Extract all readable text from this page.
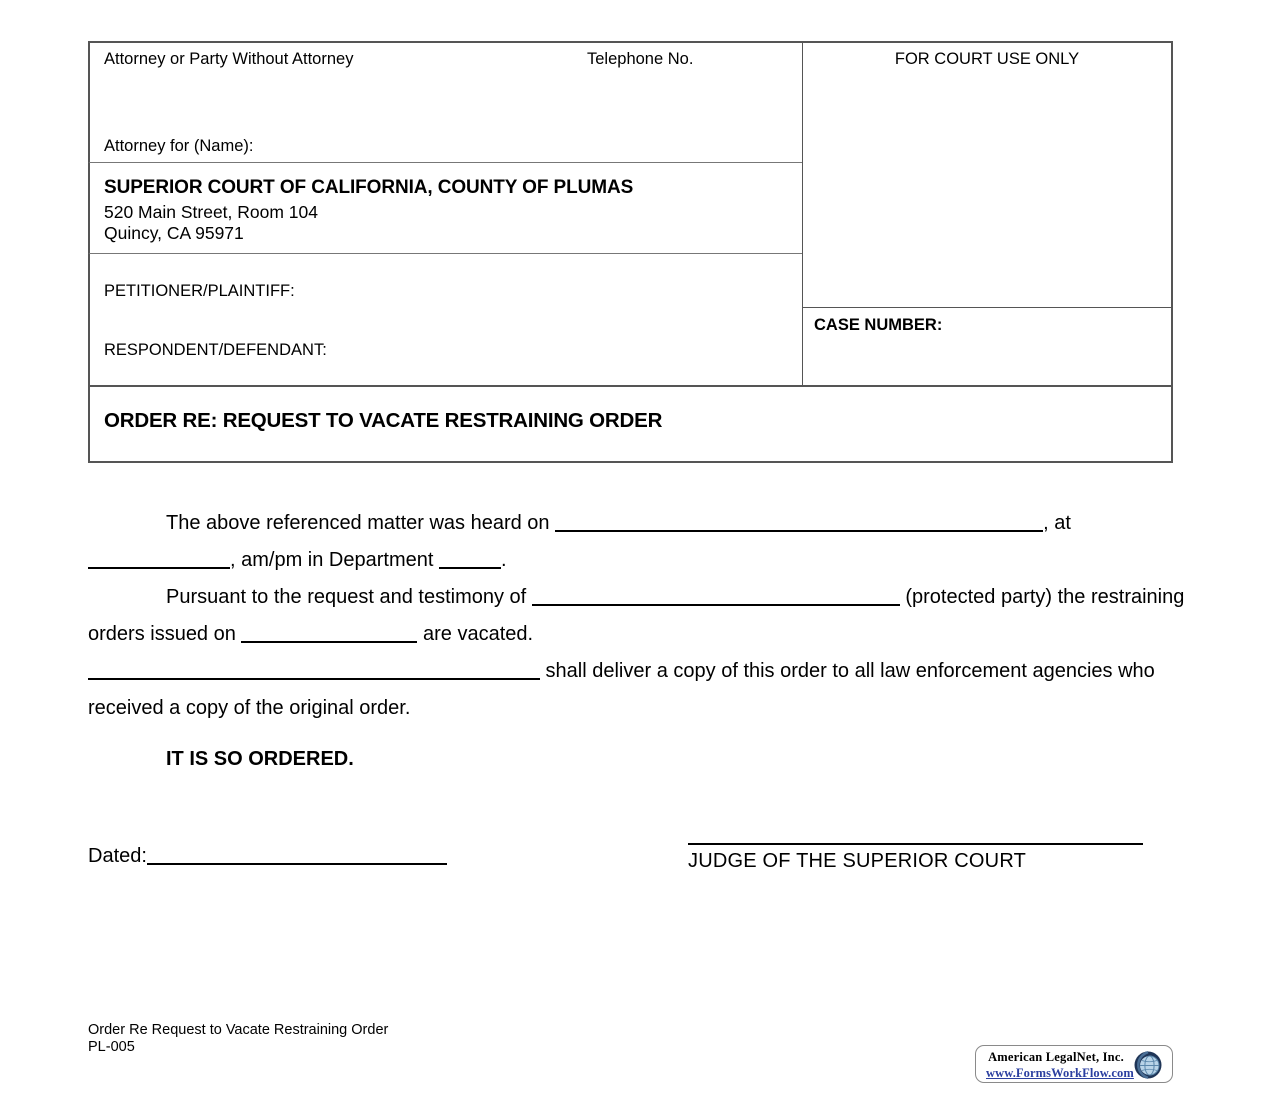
Attorney or Party Without Attorney	Telephone No.
Attorney for (Name):
SUPERIOR COURT OF CALIFORNIA, COUNTY OF PLUMAS
520 Main Street, Room 104
Quincy, CA 95971
PETITIONER/PLAINTIFF:
RESPONDENT/DEFENDANT:
FOR COURT USE ONLY
CASE NUMBER:
ORDER RE: REQUEST TO VACATE RESTRAINING ORDER

The above referenced matter was heard on	, at , am/pm in Department	.

Pursuant to the request and testimony of	(protected party) the restraining orders issued on	are vacated.

shall deliver a copy of this order to all law enforcement agencies who received a copy of the original order.

IT IS SO ORDERED.
Dated:	JUDGE OF THE SUPERIOR COURT
Order Re Request to Vacate Restraining Order
PL-005
American LegalNet, Inc.
www.FormsWorkFlow.com
